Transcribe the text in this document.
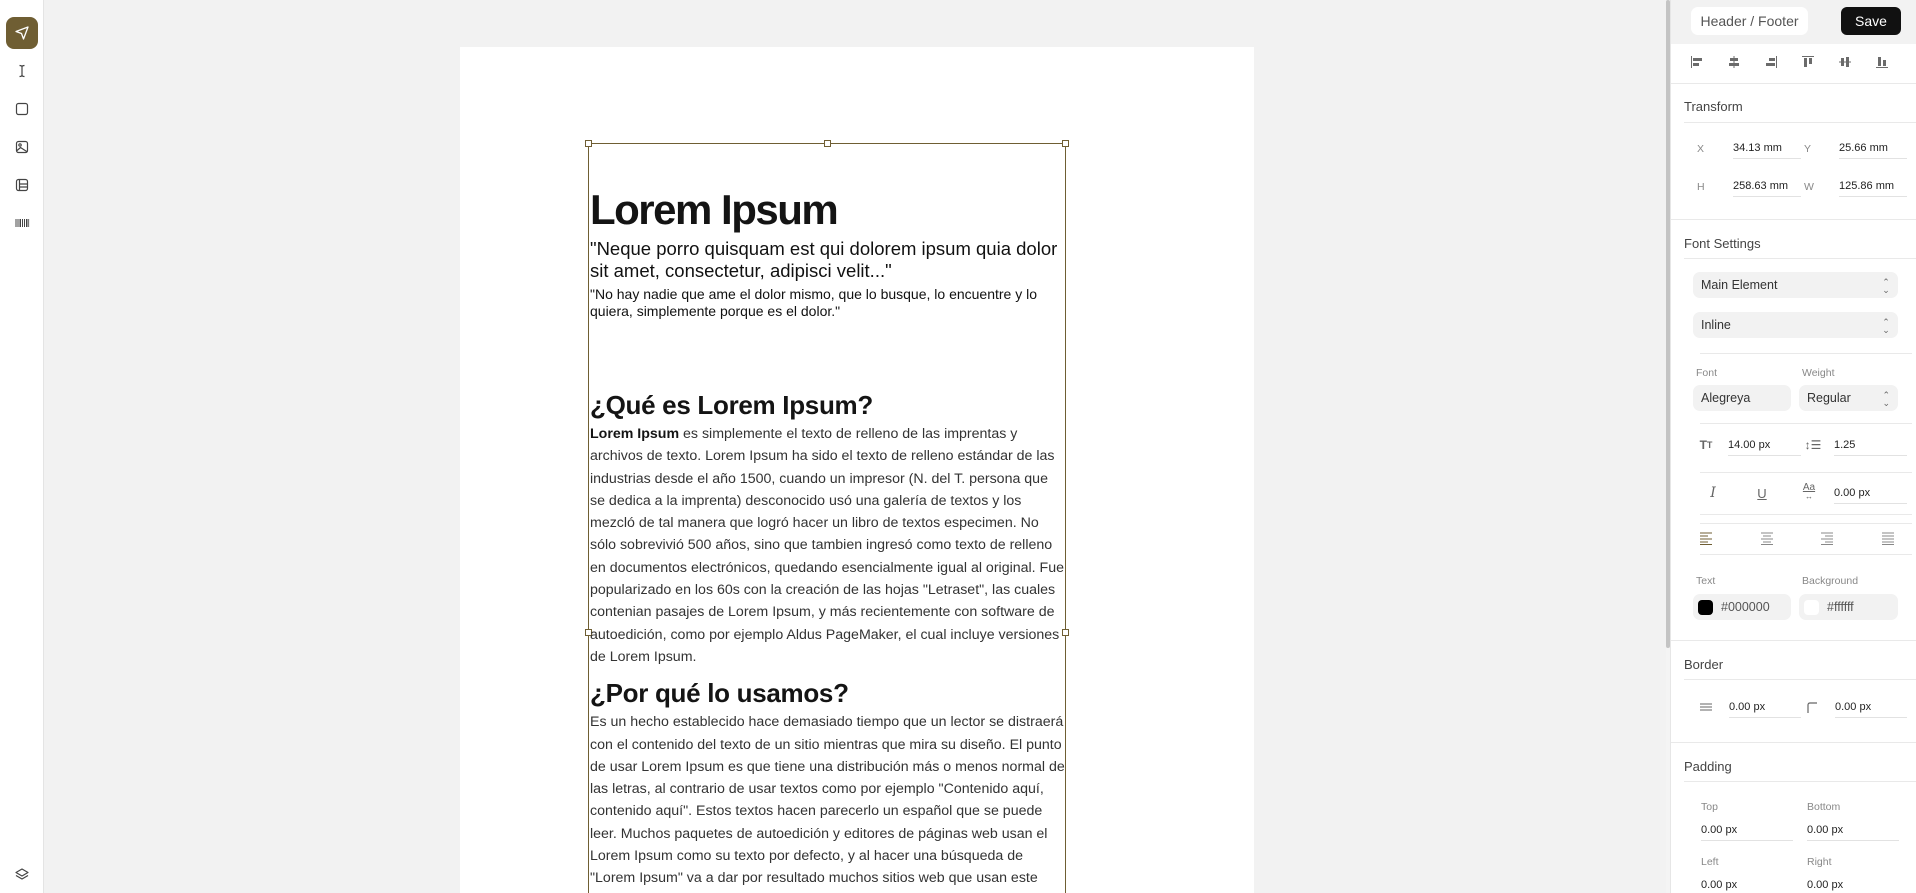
Lorem Ipsum
"Neque porro quisquam est qui dolorem ipsum quia dolor sit amet, consectetur, adipisci velit..."
"No hay nadie que ame el dolor mismo, que lo busque, lo encuentre y lo quiera, simplemente porque es el dolor."
¿Qué es Lorem Ipsum?
Lorem Ipsum es simplemente el texto de relleno de las imprentas y archivos de texto. Lorem Ipsum ha sido el texto de relleno estándar de las industrias desde el año 1500, cuando un impresor (N. del T. persona que se dedica a la imprenta) desconocido usó una galería de textos y los mezcló de tal manera que logró hacer un libro de textos especimen. No sólo sobrevivió 500 años, sino que tambien ingresó como texto de relleno en documentos electrónicos, quedando esencialmente igual al original. Fue popularizado en los 60s con la creación de las hojas "Letraset", las cuales contenian pasajes de Lorem Ipsum, y más recientemente con software de autoedición, como por ejemplo Aldus PageMaker, el cual incluye versiones de Lorem Ipsum.
¿Por qué lo usamos?
Es un hecho establecido hace demasiado tiempo que un lector se distraerá con el contenido del texto de un sitio mientras que mira su diseño. El punto de usar Lorem Ipsum es que tiene una distribución más o menos normal de las letras, al contrario de usar textos como por ejemplo "Contenido aquí, contenido aquí". Estos textos hacen parecerlo un español que se puede leer. Muchos paquetes de autoedición y editores de páginas web usan el Lorem Ipsum como su texto por defecto, y al hacer una búsqueda de "Lorem Ipsum" va a dar por resultado muchos sitios web que usan este
Header / Footer	Save
Transform
X	34.13 mm	Y	25.66 mm
H	258.63 mm	W 125.86 mm
Font Settings
Main Element	⌃
⌄
Inline	⌃
⌄
Font	Weight
Alegreya	Regular	⌃
⌄
T T 14.00 px	↕☰ 1.25
I	U	Aa
↔ 0.00 px
Text	Background
#000000	#ffffff
Border
0.00 px	0.00 px
Padding
Top	Bottom
0.00 px	0.00 px
Left	Right
0.00 px	0.00 px
